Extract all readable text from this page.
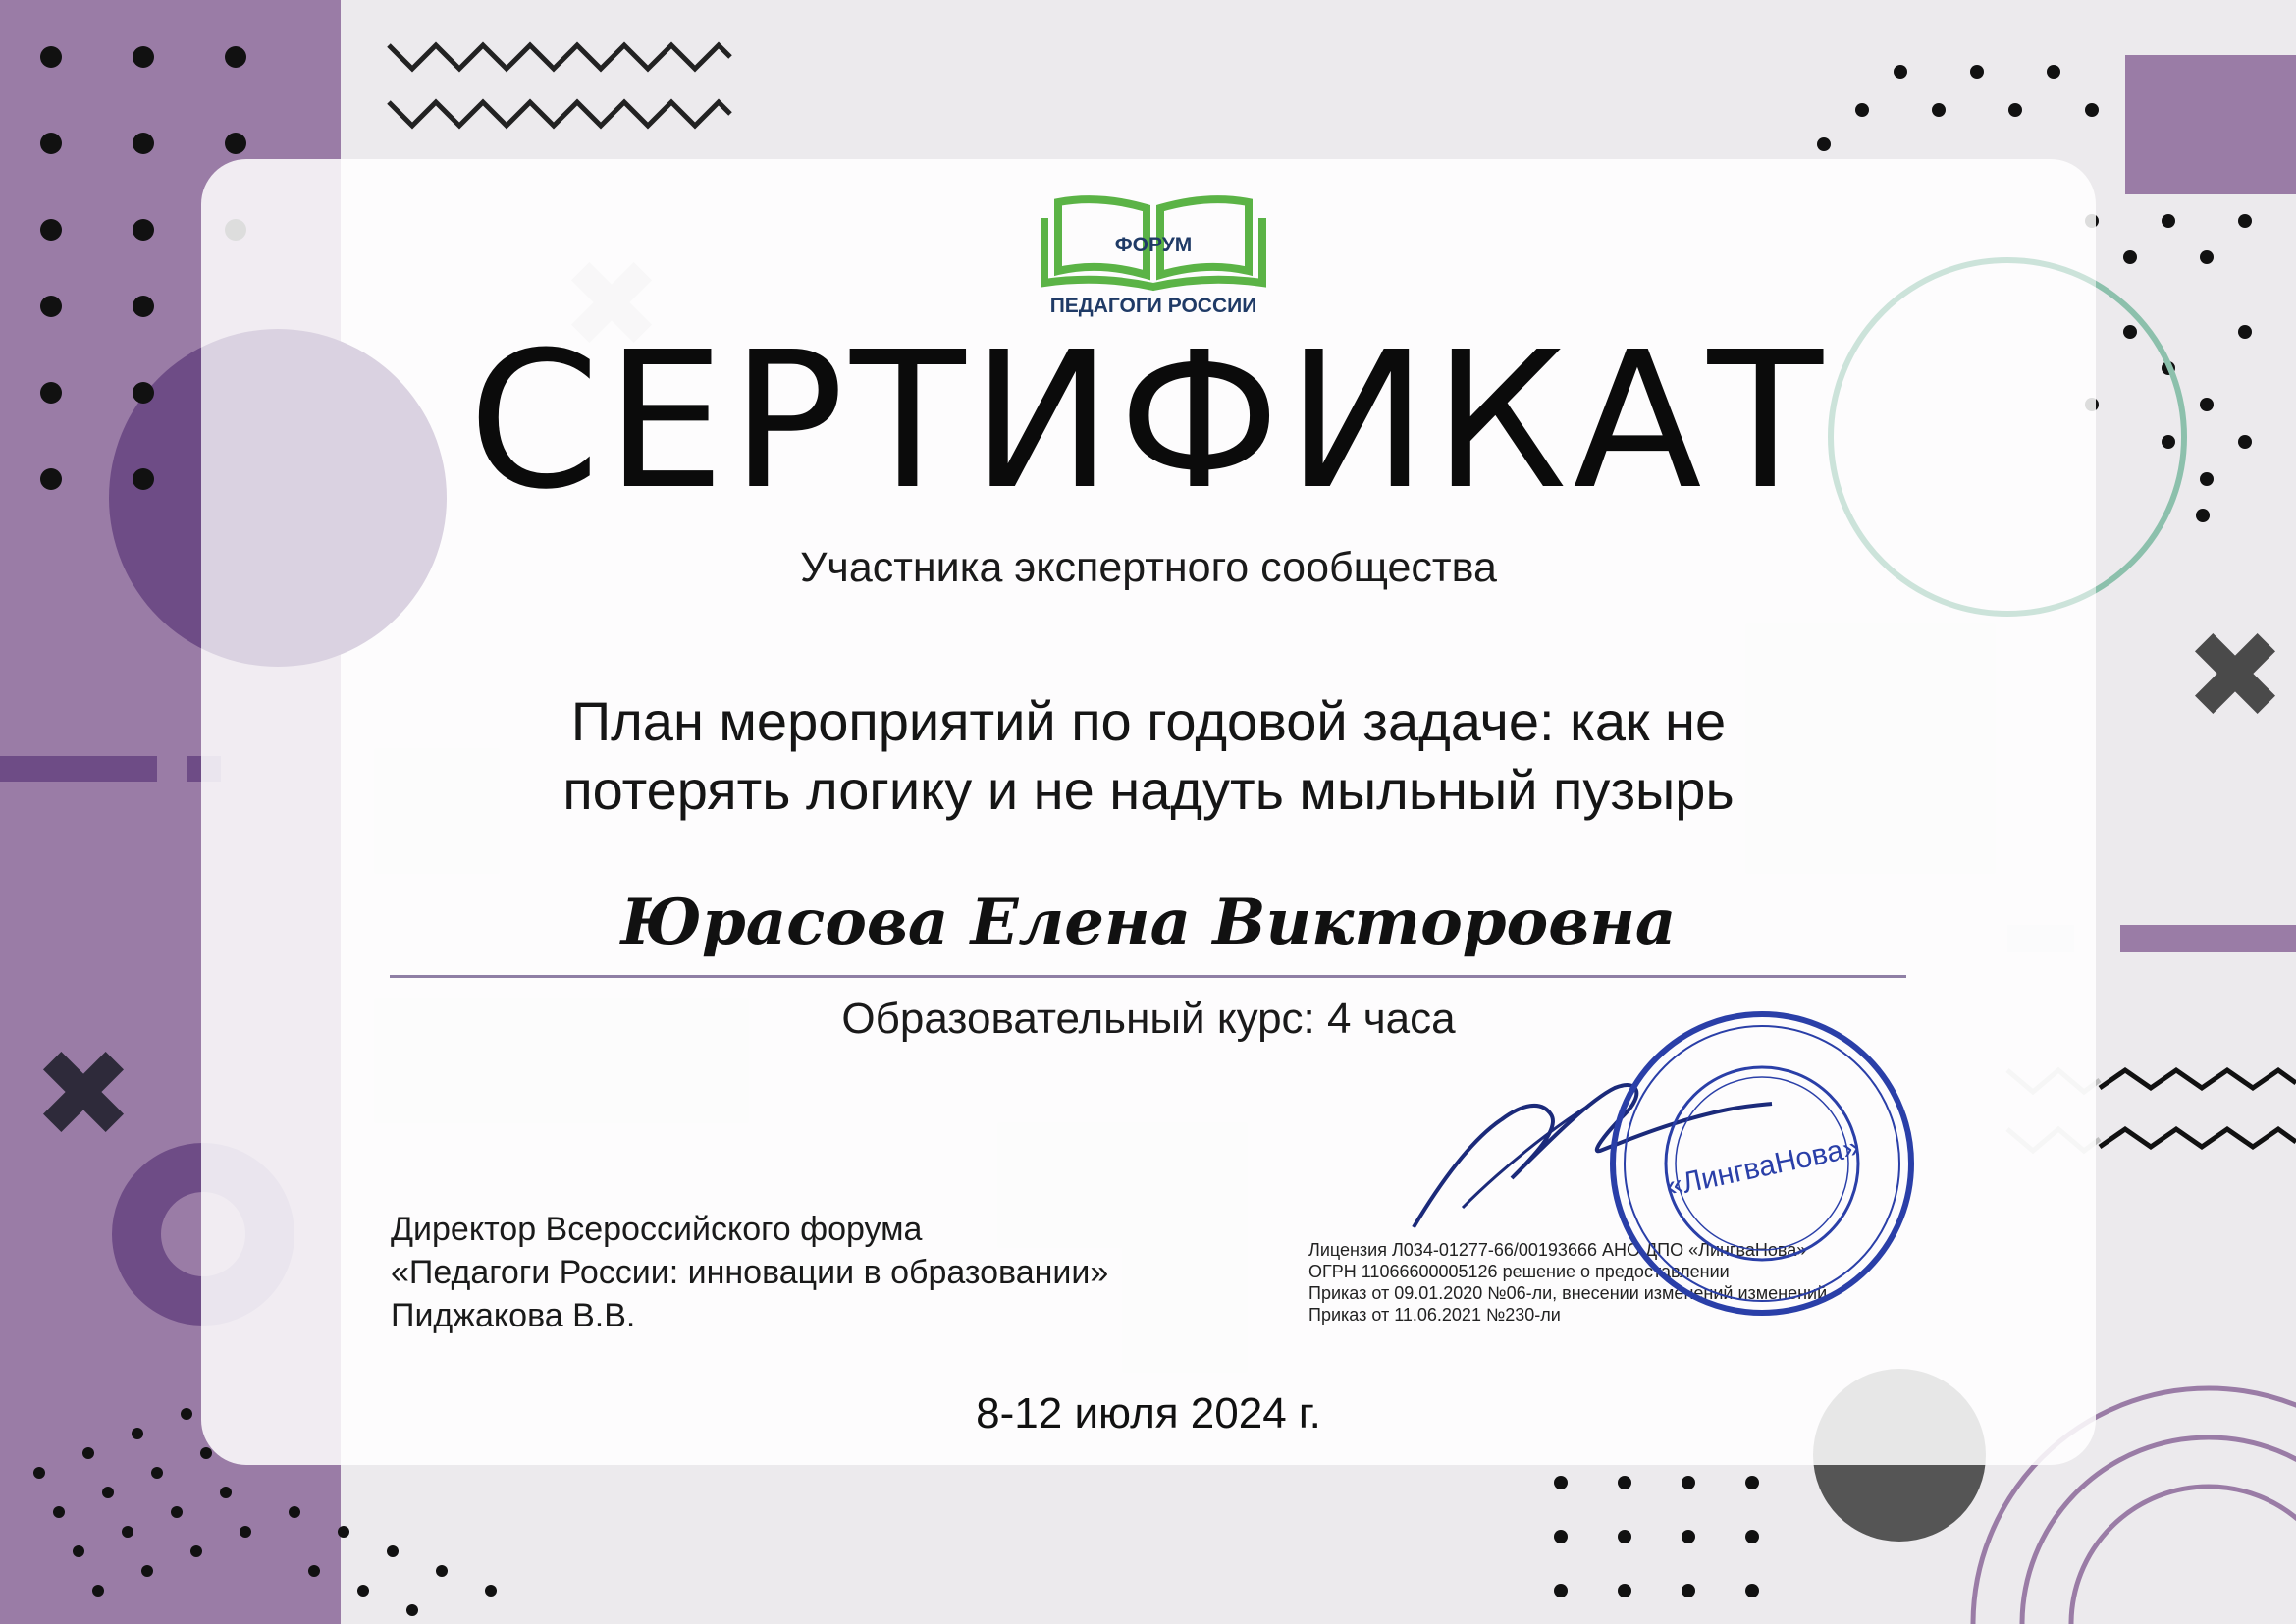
ФОРУМ
ПЕДАГОГИ РОССИИ
СЕРТИФИКАТ
Участника экспертного сообщества
План мероприятий по годовой задаче: как не
потерять логику и не надуть мыльный пузырь
Юрасова Елена Викторовна
Образовательный курс: 4 часа
Директор Всероссийского форума
«Педагоги России: инновации в образовании»
Пиджакова В.В.
Лицензия Л034-01277-66/00193666 АНО ДПО «ЛингваНова»
ОГРН 11066600005126 решение о предоставлении
Приказ от 09.01.2020 №06-ли, внесении изменений изменений
Приказ от 11.06.2021 №230-ли
«ЛингваНова»
8-12 июля 2024 г.
